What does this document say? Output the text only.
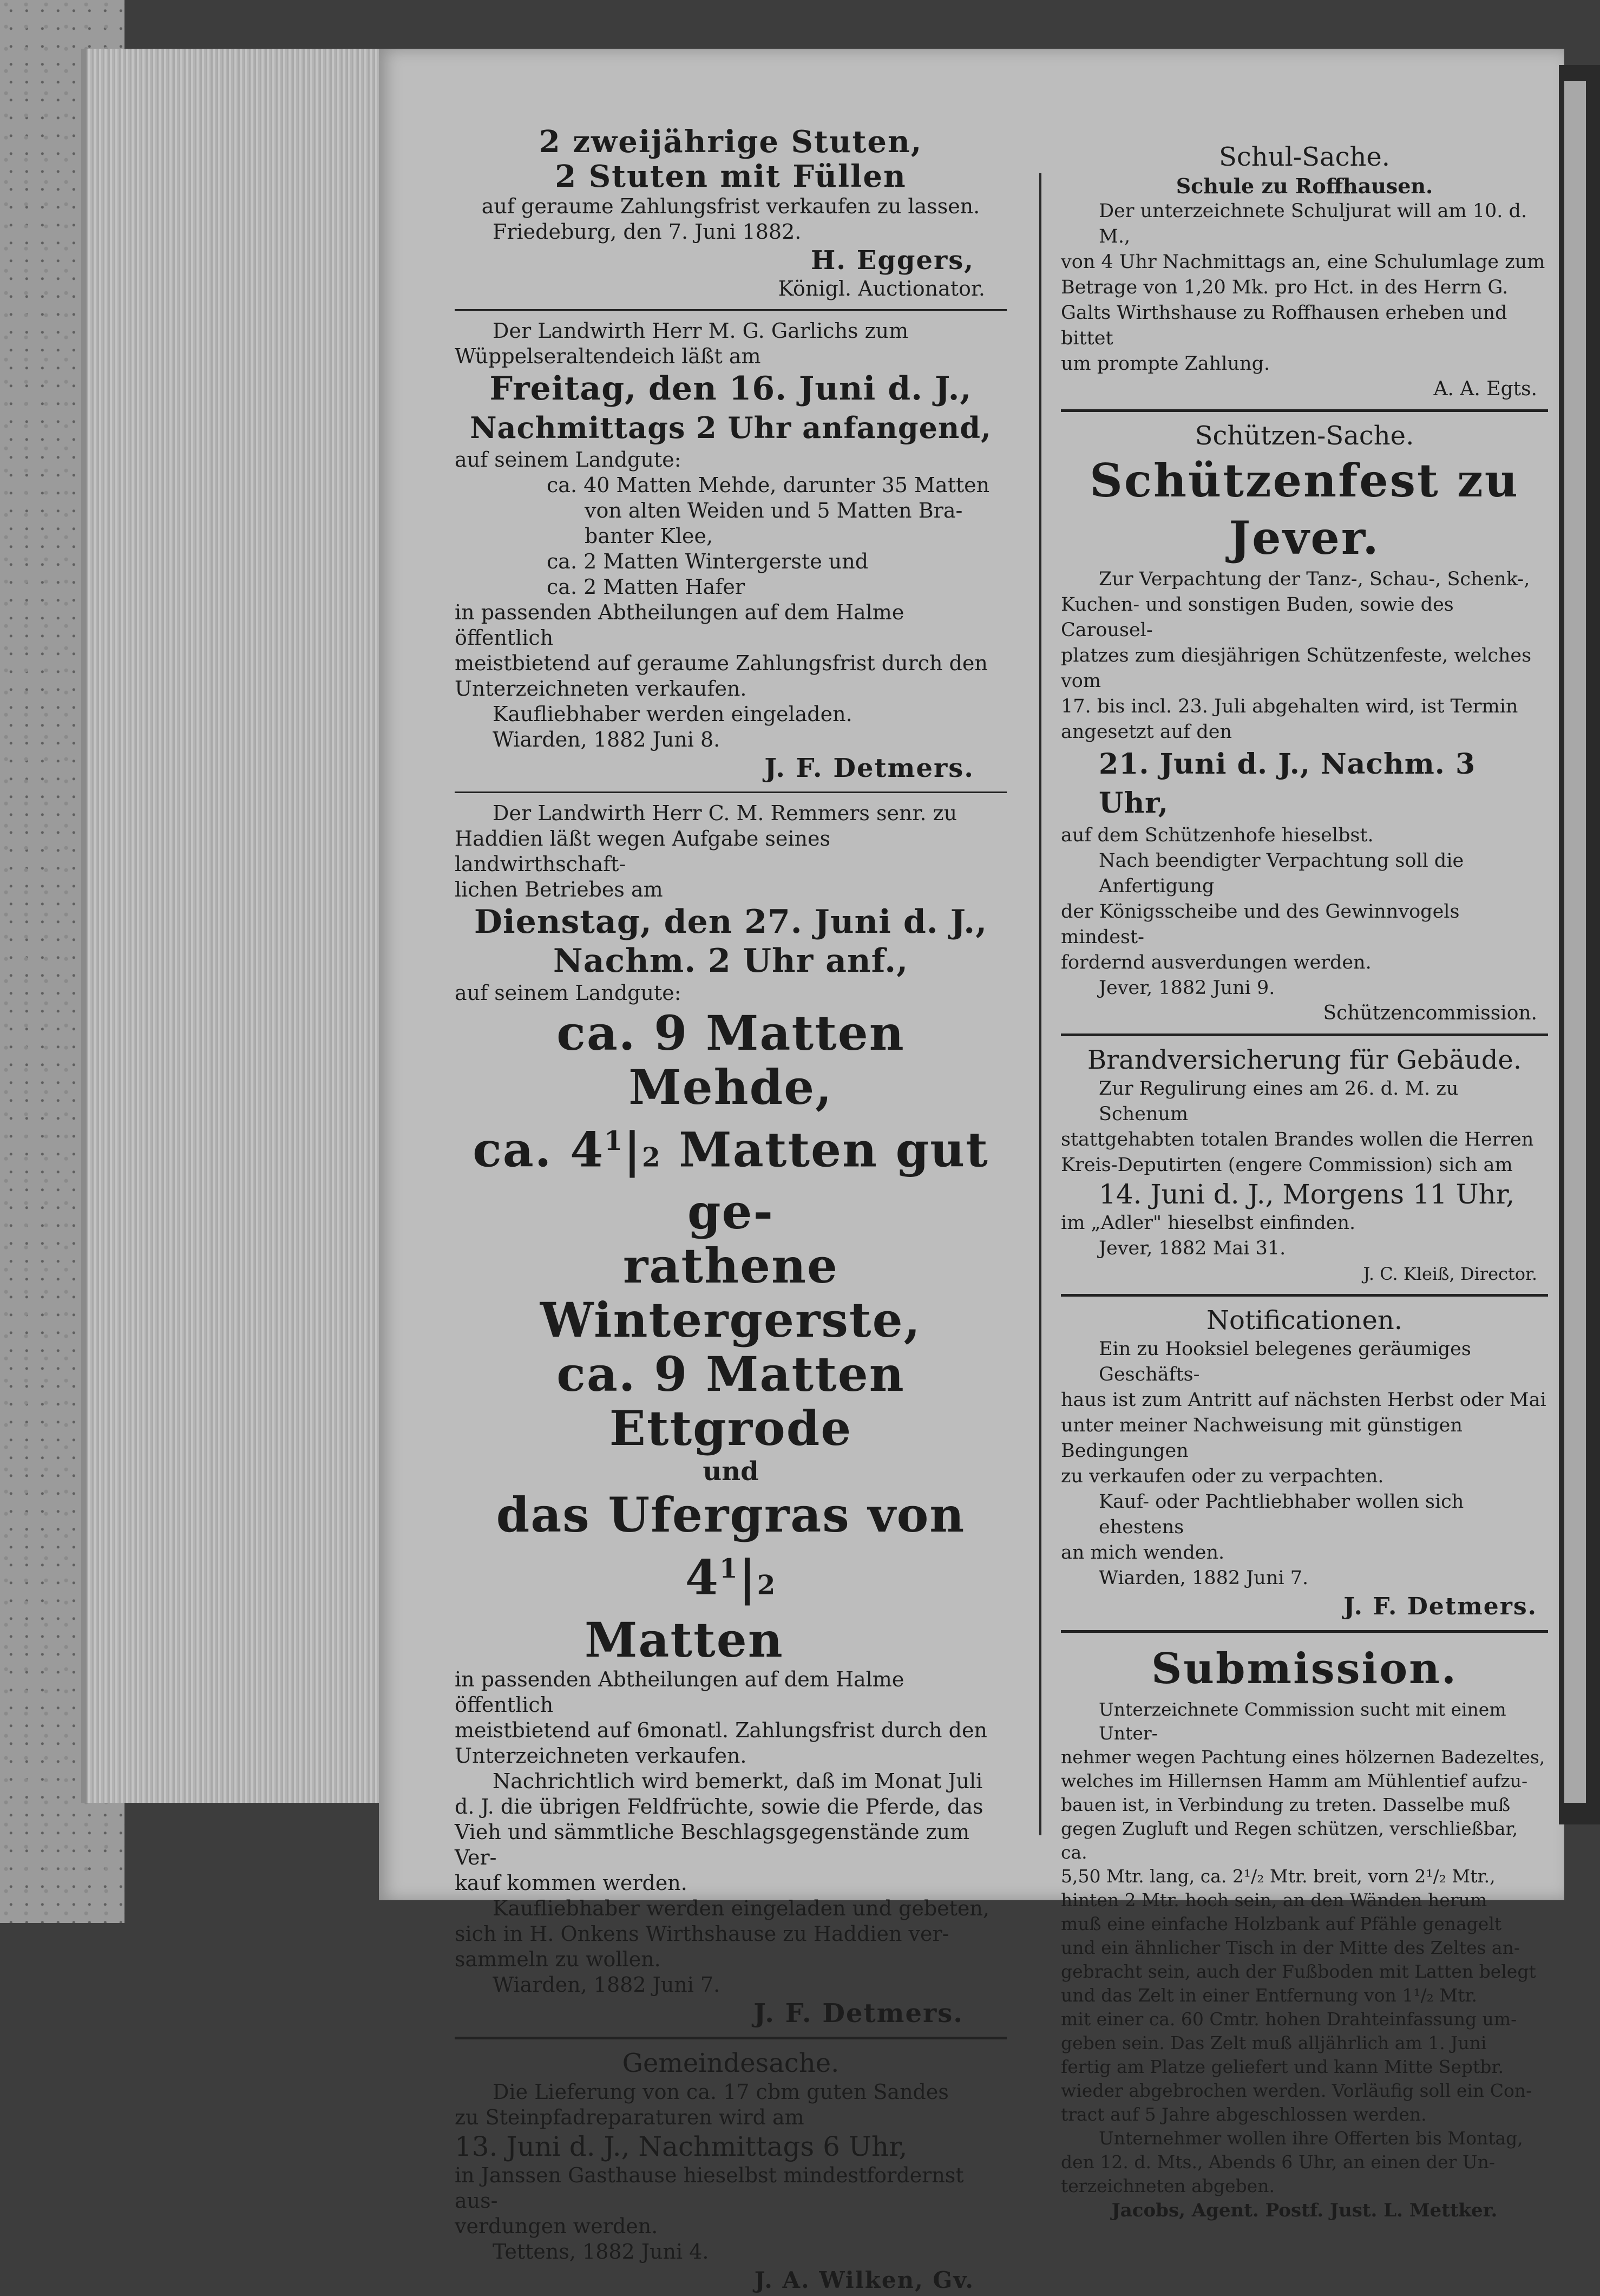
2 zweijährige Stuten,
2 Stuten mit Füllen
auf geraume Zahlungsfrist verkaufen zu lassen.
Friedeburg, den 7. Juni 1882.
H. Eggers,
Königl. Auctionator.
Der Landwirth Herr M. G. Garlichs zum
Wüppelseraltendeich läßt am
Freitag, den 16. Juni d. J.,
Nachmittags 2 Uhr anfangend,
auf seinem Landgute:
ca. 40 Matten Mehde, darunter 35 Matten
von alten Weiden und 5 Matten Bra-
banter Klee,
ca. 2 Matten Wintergerste und
ca. 2 Matten Hafer
in passenden Abtheilungen auf dem Halme öffentlich
meistbietend auf geraume Zahlungsfrist durch den
Unterzeichneten verkaufen.
Kaufliebhaber werden eingeladen.
Wiarden, 1882 Juni 8.
J. F. Detmers.
Der Landwirth Herr C. M. Remmers senr. zu
Haddien läßt wegen Aufgabe seines landwirthschaft-
lichen Betriebes am
Dienstag, den 27. Juni d. J.,
Nachm. 2 Uhr anf.,
auf seinem Landgute:
ca. 9 Matten Mehde,
ca. $4^1|2$ Matten gut ge-
rathene Wintergerste,
ca. 9 Matten Ettgrode
und
das Ufergras von $4^1|2$
Matten
in passenden Abtheilungen auf dem Halme öffentlich
meistbietend auf 6monatl. Zahlungsfrist durch den
Unterzeichneten verkaufen.
Nachrichtlich wird bemerkt, daß im Monat Juli
d. J. die übrigen Feldfrüchte, sowie die Pferde, das
Vieh und sämmtliche Beschlagsgegenstände zum Ver-
kauf kommen werden.
Kaufliebhaber werden eingeladen und gebeten,
sich in H. Onkens Wirthshause zu Haddien ver-
sammeln zu wollen.
Wiarden, 1882 Juni 7.
J. F. Detmers.
Gemeindesache.
Die Lieferung von ca. 17 cbm guten Sandes
zu Steinpfadreparaturen wird am
13. Juni d. J., Nachmittags 6 Uhr,
in Janssen Gasthause hieselbst mindestfordernst aus-
verdungen werden.
Tettens, 1882 Juni 4.
J. A. Wilken, Gv.
Schul-Sache.
Schule zu Roffhausen.
Der unterzeichnete Schuljurat will am 10. d. M.,
von 4 Uhr Nachmittags an, eine Schulumlage zum
Betrage von 1,20 Mk. pro Hct. in des Herrn G.
Galts Wirthshause zu Roffhausen erheben und bittet
um prompte Zahlung.
A. A. Egts.
Schützen-Sache.
Schützenfest zu Jever.
Zur Verpachtung der Tanz-, Schau-, Schenk-,
Kuchen- und sonstigen Buden, sowie des Carousel-
platzes zum diesjährigen Schützenfeste, welches vom
17. bis incl. 23. Juli abgehalten wird, ist Termin
angesetzt auf den
21. Juni d. J., Nachm. 3 Uhr,
auf dem Schützenhofe hieselbst.
Nach beendigter Verpachtung soll die Anfertigung
der Königsscheibe und des Gewinnvogels mindest-
fordernd ausverdungen werden.
Jever, 1882 Juni 9.
Schützencommission.
Brandversicherung für Gebäude.
Zur Regulirung eines am 26. d. M. zu Schenum
stattgehabten totalen Brandes wollen die Herren
Kreis-Deputirten (engere Commission) sich am
14. Juni d. J., Morgens 11 Uhr,
im „Adler" hieselbst einfinden.
Jever, 1882 Mai 31.
J. C. Kleiß, Director.
Notificationen.
Ein zu Hooksiel belegenes geräumiges Geschäfts-
haus ist zum Antritt auf nächsten Herbst oder Mai
unter meiner Nachweisung mit günstigen Bedingungen
zu verkaufen oder zu verpachten.
Kauf- oder Pachtliebhaber wollen sich ehestens
an mich wenden.
Wiarden, 1882 Juni 7.
J. F. Detmers.
Submission.
Unterzeichnete Commission sucht mit einem Unter-
nehmer wegen Pachtung eines hölzernen Badezeltes,
welches im Hillernsen Hamm am Mühlentief aufzu-
bauen ist, in Verbindung zu treten. Dasselbe muß
gegen Zugluft und Regen schützen, verschließbar, ca.
5,50 Mtr. lang, ca. 2¹/₂ Mtr. breit, vorn 2¹/₂ Mtr.,
hinten 2 Mtr. hoch sein, an den Wänden herum
muß eine einfache Holzbank auf Pfähle genagelt
und ein ähnlicher Tisch in der Mitte des Zeltes an-
gebracht sein, auch der Fußboden mit Latten belegt
und das Zelt in einer Entfernung von 1¹/₂ Mtr.
mit einer ca. 60 Cmtr. hohen Drahteinfassung um-
geben sein. Das Zelt muß alljährlich am 1. Juni
fertig am Platze geliefert und kann Mitte Septbr.
wieder abgebrochen werden. Vorläufig soll ein Con-
tract auf 5 Jahre abgeschlossen werden.
Unternehmer wollen ihre Offerten bis Montag,
den 12. d. Mts., Abends 6 Uhr, an einen der Un-
terzeichneten abgeben.
Jacobs, Agent. Postf. Just. L. Mettker.
